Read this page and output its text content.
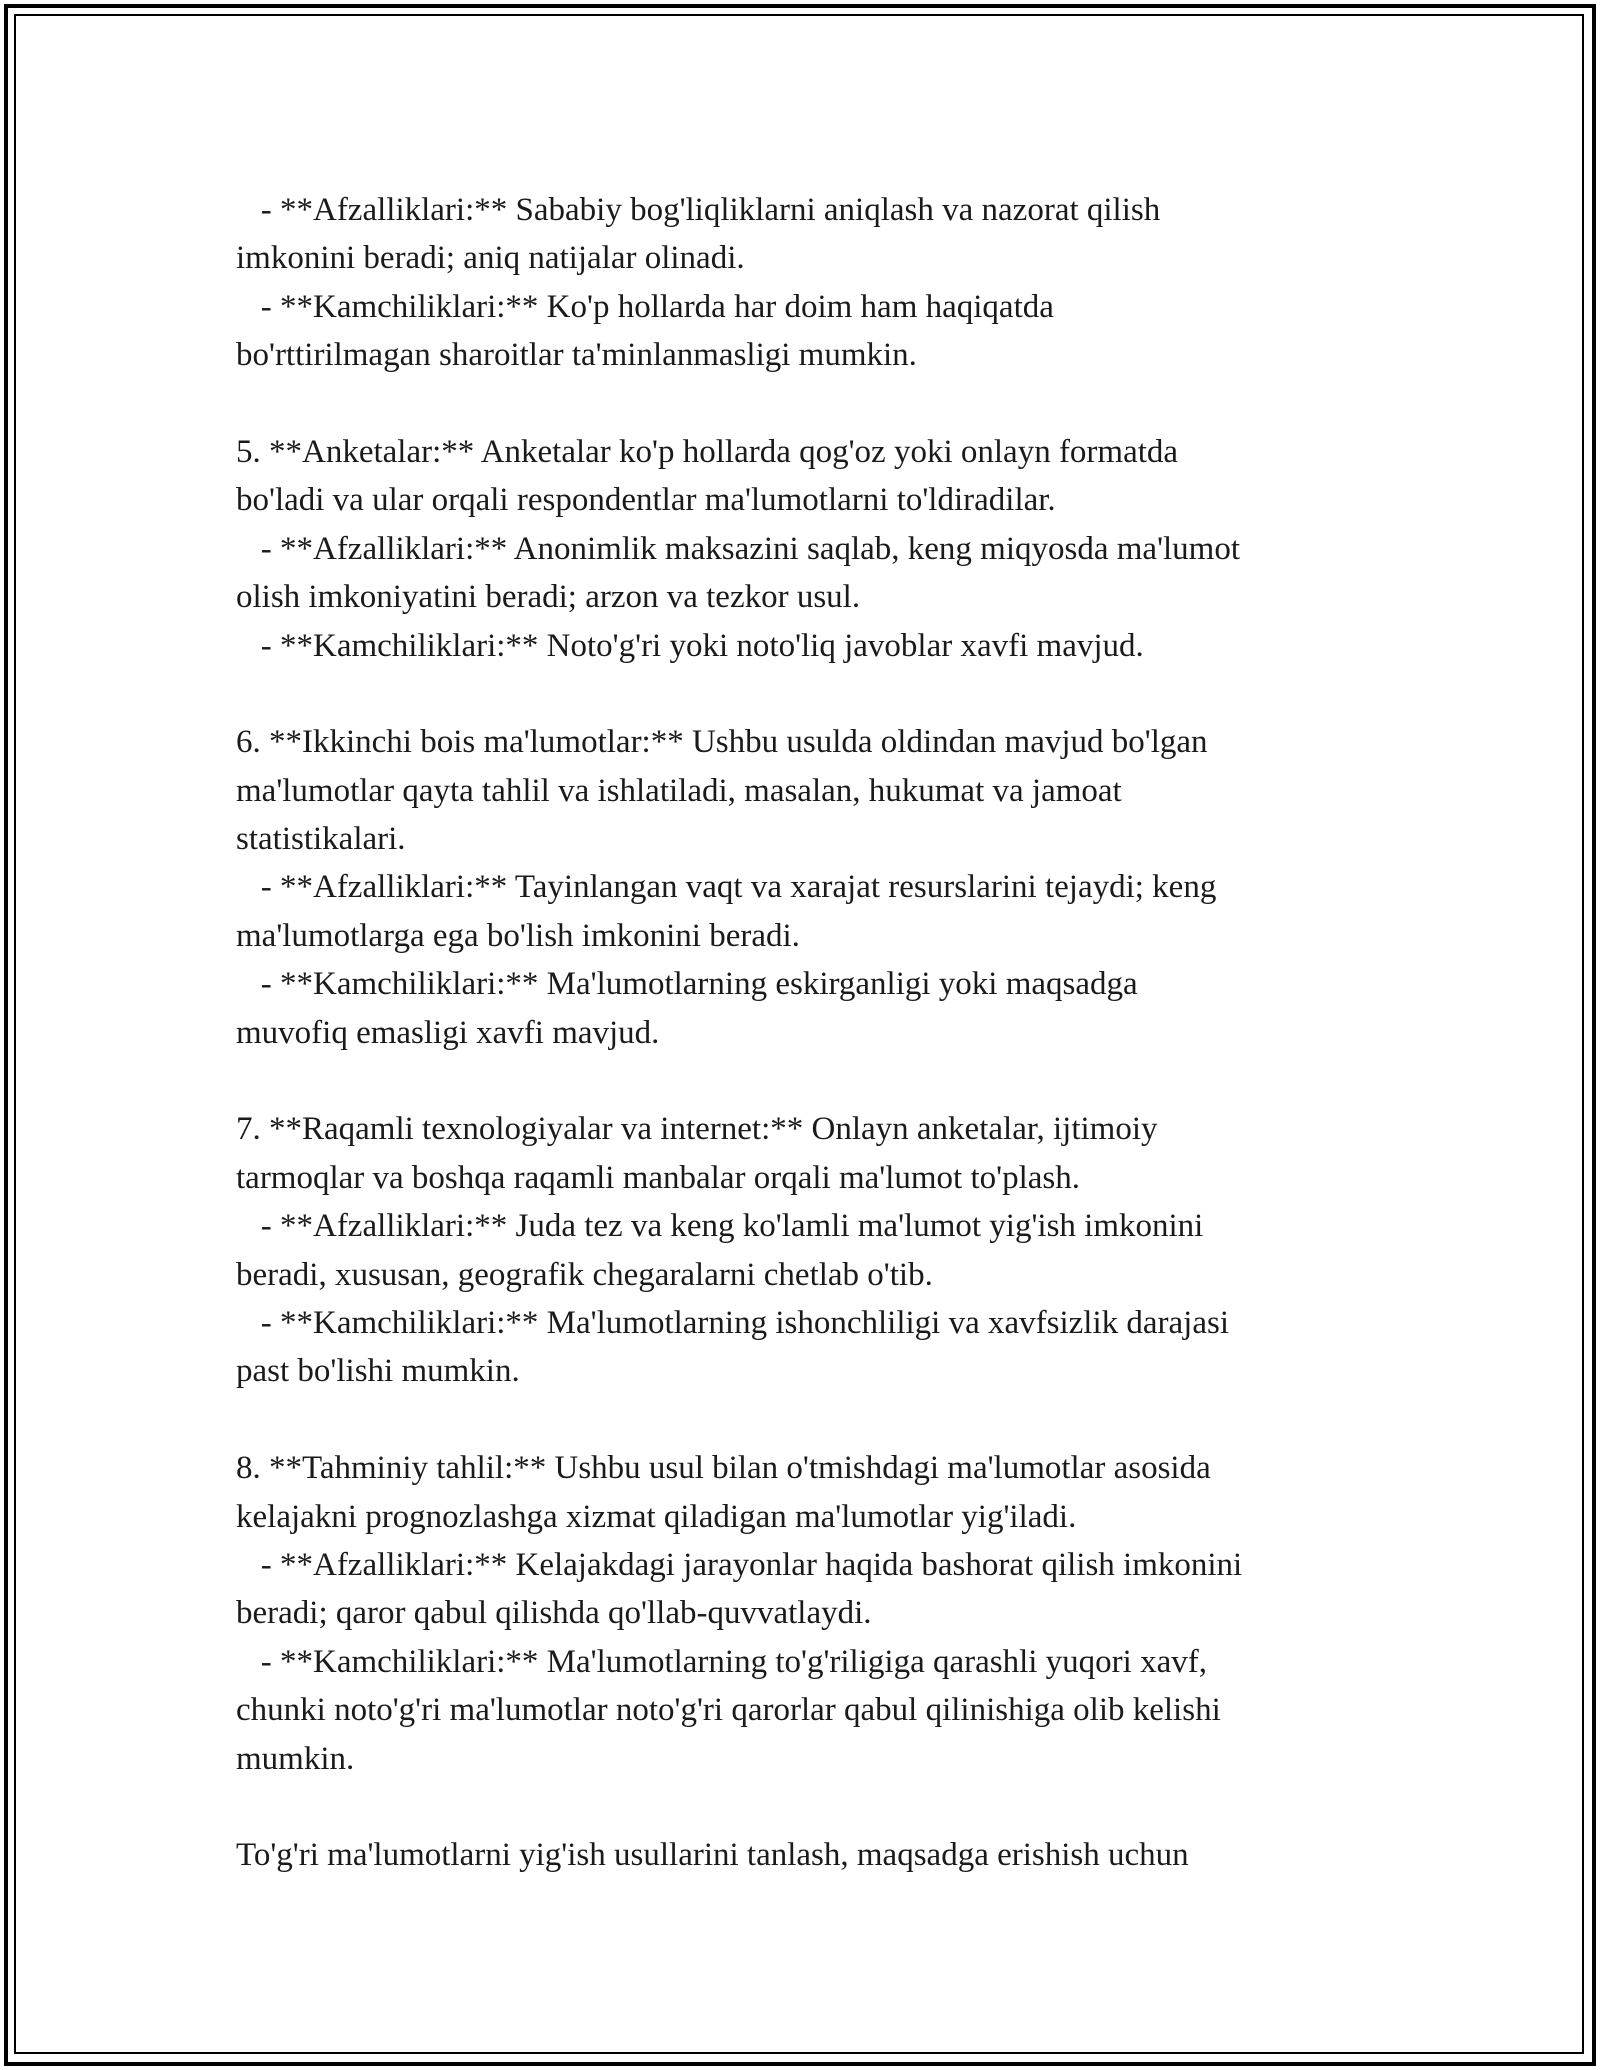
- **Afzalliklari:** Sababiy bog'liqliklarni aniqlash va nazorat qilish
imkonini beradi; aniq natijalar olinadi.
- **Kamchiliklari:** Ko'p hollarda har doim ham haqiqatda
bo'rttirilmagan sharoitlar ta'minlanmasligi mumkin.
5. **Anketalar:** Anketalar ko'p hollarda qog'oz yoki onlayn formatda
bo'ladi va ular orqali respondentlar ma'lumotlarni to'ldiradilar.
- **Afzalliklari:** Anonimlik maksazini saqlab, keng miqyosda ma'lumot
olish imkoniyatini beradi; arzon va tezkor usul.
- **Kamchiliklari:** Noto'g'ri yoki noto'liq javoblar xavfi mavjud.
6. **Ikkinchi bois ma'lumotlar:** Ushbu usulda oldindan mavjud bo'lgan
ma'lumotlar qayta tahlil va ishlatiladi, masalan, hukumat va jamoat
statistikalari.
- **Afzalliklari:** Tayinlangan vaqt va xarajat resurslarini tejaydi; keng
ma'lumotlarga ega bo'lish imkonini beradi.
- **Kamchiliklari:** Ma'lumotlarning eskirganligi yoki maqsadga
muvofiq emasligi xavfi mavjud.
7. **Raqamli texnologiyalar va internet:** Onlayn anketalar, ijtimoiy
tarmoqlar va boshqa raqamli manbalar orqali ma'lumot to'plash.
- **Afzalliklari:** Juda tez va keng ko'lamli ma'lumot yig'ish imkonini
beradi, xususan, geografik chegaralarni chetlab o'tib.
- **Kamchiliklari:** Ma'lumotlarning ishonchliligi va xavfsizlik darajasi
past bo'lishi mumkin.
8. **Tahminiy tahlil:** Ushbu usul bilan o'tmishdagi ma'lumotlar asosida
kelajakni prognozlashga xizmat qiladigan ma'lumotlar yig'iladi.
- **Afzalliklari:** Kelajakdagi jarayonlar haqida bashorat qilish imkonini
beradi; qaror qabul qilishda qo'llab-quvvatlaydi.
- **Kamchiliklari:** Ma'lumotlarning to'g'riligiga qarashli yuqori xavf,
chunki noto'g'ri ma'lumotlar noto'g'ri qarorlar qabul qilinishiga olib kelishi
mumkin.
To'g'ri ma'lumotlarni yig'ish usullarini tanlash, maqsadga erishish uchun
